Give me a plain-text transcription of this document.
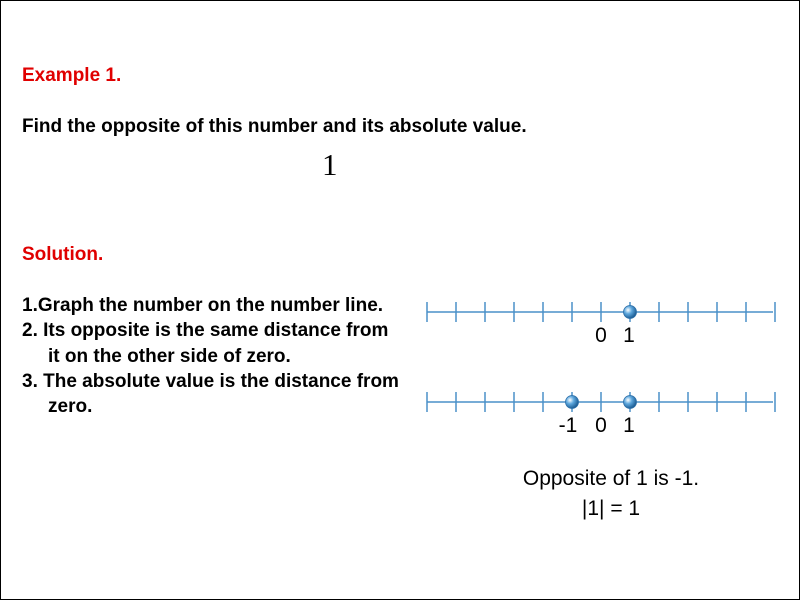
Example 1.

Find the opposite of this number and its absolute value.

1
Solution.

1.Graph the number on the number line.

2. Its opposite is the same distance from it on the other side of zero.

3. The absolute value is the distance from zero.

0 1
-1 0 1
Opposite of 1 is -1.
|1| = 1
